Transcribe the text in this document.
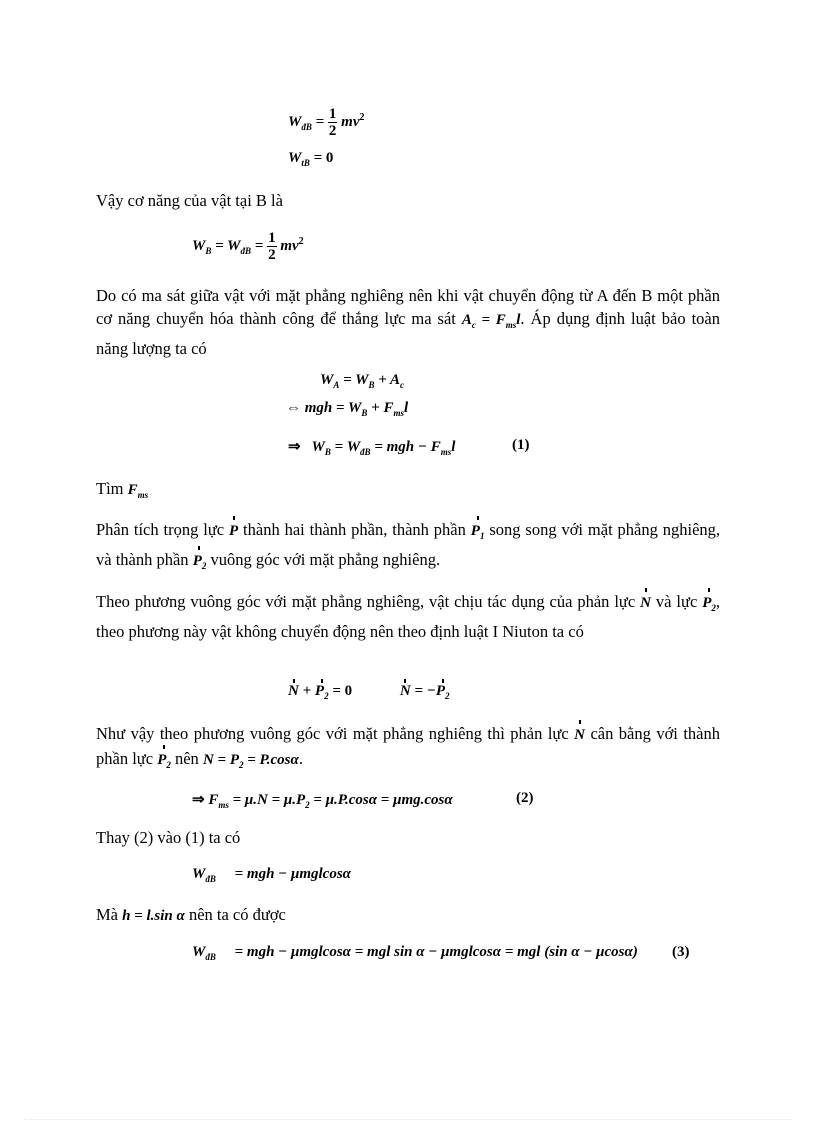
$W_{đB} = \frac{1}{2} mv^2$
$W_{tB} = 0$
Vậy cơ năng của vật tại B là
$W_B = W_{đB} = \frac{1}{2} mv^2$
Do có ma sát giữa vật với mặt phẳng nghiêng nên khi vật chuyển động từ A đến B một phần cơ năng chuyển hóa thành công để thắng lực ma sát $A_c = F_{ms}l$. Áp dụng định luật bảo toàn năng lượng ta có
$W_A = W_B + A_c$
⇔ mgh = $W_B + F_{ms}l$
⇒   $W_B = W_{đB}$ = mgh − $F_{ms}l$	(1)
Tìm $F_{ms}$
Phân tích trọng lực P thành hai thành phần, thành phần $P_1$ song song với mặt phẳng nghiêng, và thành phần $P_2$ vuông góc với mặt phẳng nghiêng.
Theo phương vuông góc với mặt phẳng nghiêng, vật chịu tác dụng của phản lực N và lực $P_2$, theo phương này vật không chuyển động nên theo định luật I Niuton ta có
$N + P_2 = 0$	$N = -P_2$
Như vậy theo phương vuông góc với mặt phẳng nghiêng thì phản lực N cân bằng với thành phần lực $P_2$ nên $N = P_2 = P.\cos\alpha$.
⇒ $F_{ms} = \mu.N = \mu.P_2 = \mu.P.\cos\alpha = \mu mg.\cos\alpha$	(2)
Thay (2) vào (1) ta có
$W_{đB}$     = mgh − μmglcosα
Mà h = l.sin α nên ta có được
$W_{đB}$     = mgh − μmglcosα = mgl sin α − μmglcosα = mgl (sin α − μcosα) (3)
